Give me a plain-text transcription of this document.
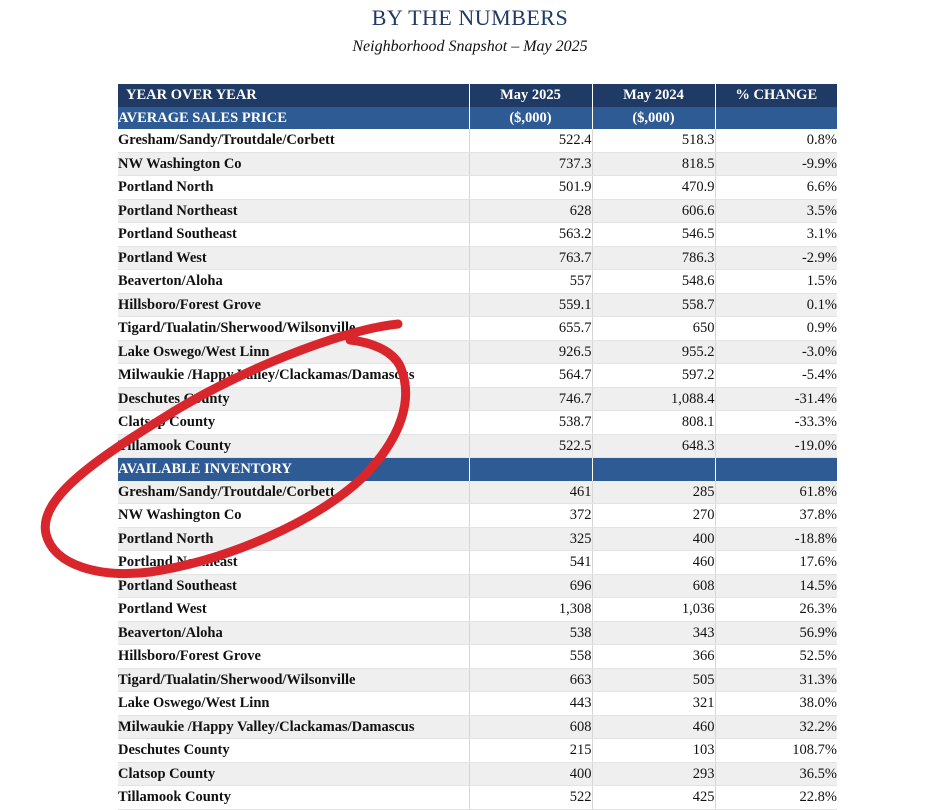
BY THE NUMBERS
Neighborhood Snapshot – May 2025
YEAR OVER YEAR	May 2025	May 2024	% CHANGE
AVERAGE SALES PRICE	($,000)	($,000)	
Gresham/Sandy/Troutdale/Corbett	522.4	518.3	0.8%
NW Washington Co	737.3	818.5	-9.9%
Portland North	501.9	470.9	6.6%
Portland Northeast	628	606.6	3.5%
Portland Southeast	563.2	546.5	3.1%
Portland West	763.7	786.3	-2.9%
Beaverton/Aloha	557	548.6	1.5%
Hillsboro/Forest Grove	559.1	558.7	0.1%
Tigard/Tualatin/Sherwood/Wilsonville	655.7	650	0.9%
Lake Oswego/West Linn	926.5	955.2	-3.0%
Milwaukie /Happy Valley/Clackamas/Damascus	564.7	597.2	-5.4%
Deschutes County	746.7	1,088.4	-31.4%
Clatsop County	538.7	808.1	-33.3%
Tillamook County	522.5	648.3	-19.0%
AVAILABLE INVENTORY			
Gresham/Sandy/Troutdale/Corbett	461	285	61.8%
NW Washington Co	372	270	37.8%
Portland North	325	400	-18.8%
Portland Northeast	541	460	17.6%
Portland Southeast	696	608	14.5%
Portland West	1,308	1,036	26.3%
Beaverton/Aloha	538	343	56.9%
Hillsboro/Forest Grove	558	366	52.5%
Tigard/Tualatin/Sherwood/Wilsonville	663	505	31.3%
Lake Oswego/West Linn	443	321	38.0%
Milwaukie /Happy Valley/Clackamas/Damascus	608	460	32.2%
Deschutes County	215	103	108.7%
Clatsop County	400	293	36.5%
Tillamook County	522	425	22.8%
